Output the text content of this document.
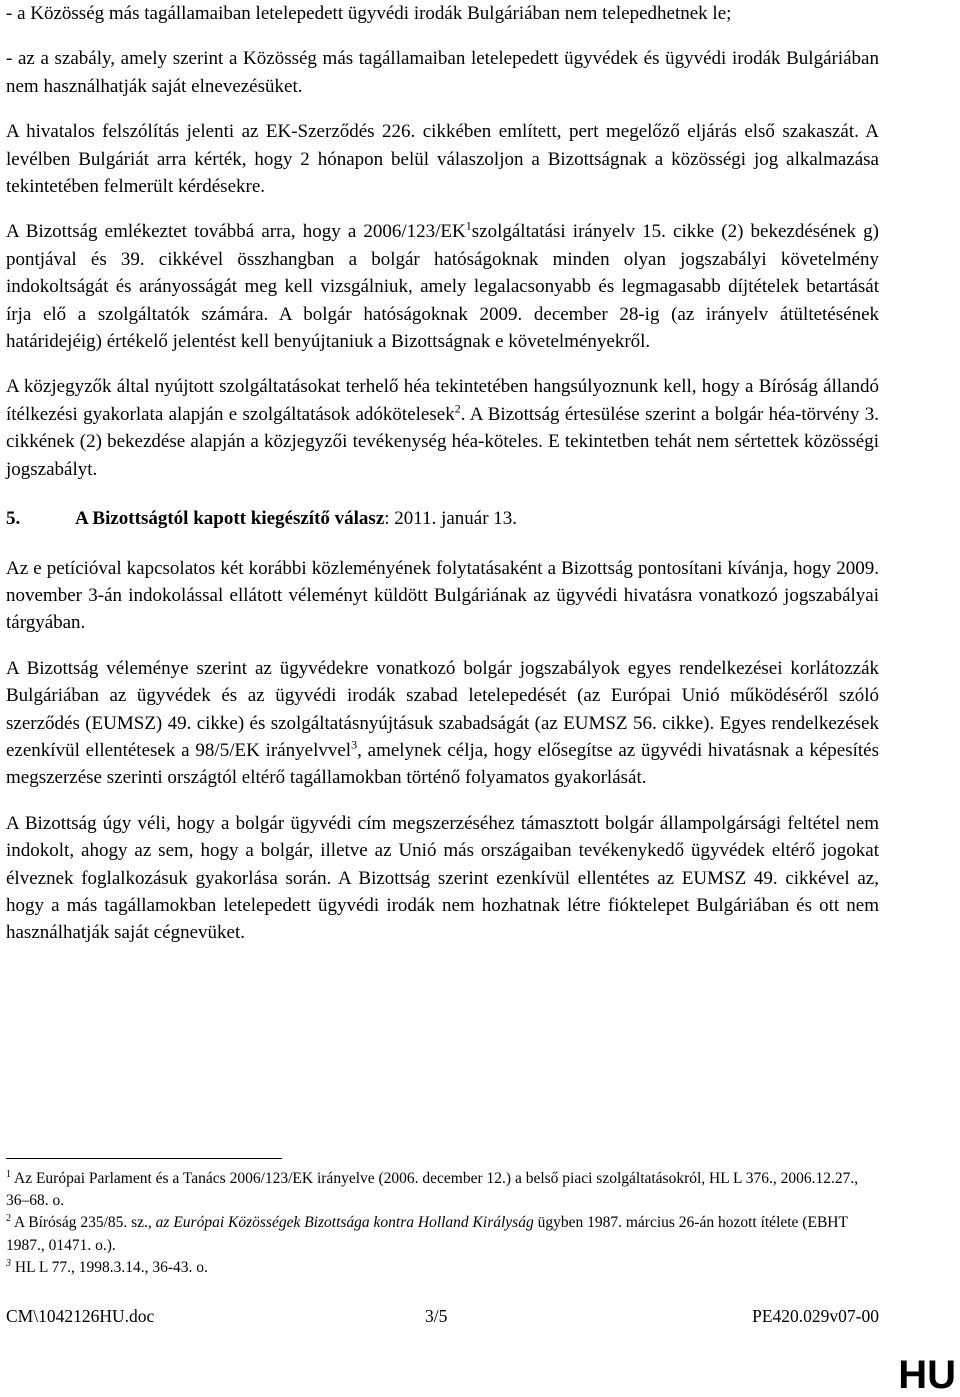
- a Közösség más tagállamaiban letelepedett ügyvédi irodák Bulgáriában nem telepedhetnek le;

- az a szabály, amely szerint a Közösség más tagállamaiban letelepedett ügyvédek és ügyvédi irodák Bulgáriában nem használhatják saját elnevezésüket.

A hivatalos felszólítás jelenti az EK-Szerződés 226. cikkében említett, pert megelőző eljárás első szakaszát. A levélben Bulgáriát arra kérték, hogy 2 hónapon belül válaszoljon a Bizottságnak a közösségi jog alkalmazása tekintetében felmerült kérdésekre.

A Bizottság emlékeztet továbbá arra, hogy a $2006/123/EK^1szolgáltatási$ irányelv 15. cikke (2) bekezdésének g) pontjával és 39. cikkével összhangban a bolgár hatóságoknak minden olyan jogszabályi követelmény indokoltságát és arányosságát meg kell vizsgálniuk, amely legalacsonyabb és legmagasabb díjtételek betartását írja elő a szolgáltatók számára. A bolgár hatóságoknak 2009. december 28-ig (az irányelv átültetésének határidejéig) értékelő jelentést kell benyújtaniuk a Bizottságnak e követelményekről.

A közjegyzők által nyújtott szolgáltatásokat terhelő héa tekintetében hangsúlyoznunk kell, hogy a Bíróság állandó ítélkezési gyakorlata alapján e szolgáltatások adókötelesek$^2$. A Bizottság értesülése szerint a bolgár héa-törvény 3. cikkének (2) bekezdése alapján a közjegyzői tevékenység héa-köteles. E tekintetben tehát nem sértettek közösségi jogszabályt.

5.	A Bizottságtól kapott kiegészítő válasz: 2011. január 13.

Az e petícióval kapcsolatos két korábbi közleményének folytatásaként a Bizottság pontosítani kívánja, hogy 2009. november 3-án indokolással ellátott véleményt küldött Bulgáriának az ügyvédi hivatásra vonatkozó jogszabályai tárgyában.

A Bizottság véleménye szerint az ügyvédekre vonatkozó bolgár jogszabályok egyes rendelkezései korlátozzák Bulgáriában az ügyvédek és az ügyvédi irodák szabad letelepedését (az Európai Unió működéséről szóló szerződés (EUMSZ) 49. cikke) és szolgáltatásnyújtásuk szabadságát (az EUMSZ 56. cikke). Egyes rendelkezések ezenkívül ellentétesek a 98/5/EK irányelvvel$^3$, amelynek célja, hogy elősegítse az ügyvédi hivatásnak a képesítés megszerzése szerinti országtól eltérő tagállamokban történő folyamatos gyakorlását.

A Bizottság úgy véli, hogy a bolgár ügyvédi cím megszerzéséhez támasztott bolgár állampolgársági feltétel nem indokolt, ahogy az sem, hogy a bolgár, illetve az Unió más országaiban tevékenykedő ügyvédek eltérő jogokat élveznek foglalkozásuk gyakorlása során. A Bizottság szerint ezenkívül ellentétes az EUMSZ 49. cikkével az, hogy a más tagállamokban letelepedett ügyvédi irodák nem hozhatnak létre fióktelepet Bulgáriában és ott nem használhatják saját cégnevüket.

$^1$ Az Európai Parlament és a Tanács 2006/123/EK irányelve (2006. december 12.) a belső piaci szolgáltatásokról, HL L 376., 2006.12.27., 36–68. o.

$^2$ A Bíróság 235/85. sz., az Európai Közösségek Bizottsága kontra Holland Királyság ügyben 1987. március 26-án hozott ítélete (EBHT 1987., 01471. o.).

$^3$ HL L 77., 1998.3.14., 36-43. o.

CM\1042126HU.doc	3/5	PE420.029v07-00
HU
